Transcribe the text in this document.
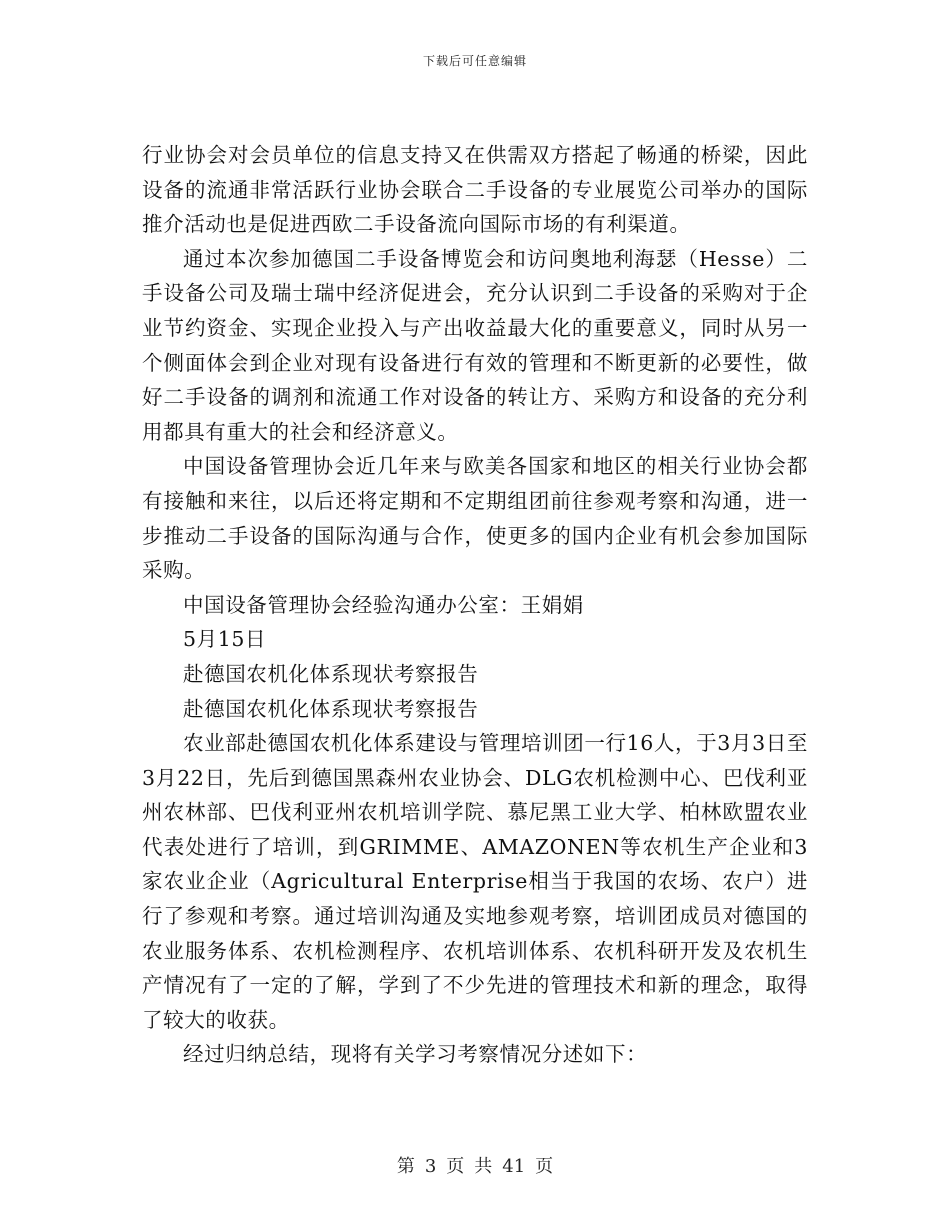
下载后可任意编辑

行业协会对会员单位的信息支持又在供需双方搭起了畅通的桥梁，因此设备的流通非常活跃行业协会联合二手设备的专业展览公司举办的国际推介活动也是促进西欧二手设备流向国际市场的有利渠道。

通过本次参加德国二手设备博览会和访问奥地利海瑟（Hesse）二手设备公司及瑞士瑞中经济促进会，充分认识到二手设备的采购对于企业节约资金、实现企业投入与产出收益最大化的重要意义，同时从另一个侧面体会到企业对现有设备进行有效的管理和不断更新的必要性，做好二手设备的调剂和流通工作对设备的转让方、采购方和设备的充分利用都具有重大的社会和经济意义。

中国设备管理协会近几年来与欧美各国家和地区的相关行业协会都有接触和来往，以后还将定期和不定期组团前往参观考察和沟通，进一步推动二手设备的国际沟通与合作，使更多的国内企业有机会参加国际采购。

中国设备管理协会经验沟通办公室：王娟娟

5月15日

赴德国农机化体系现状考察报告

赴德国农机化体系现状考察报告

农业部赴德国农机化体系建设与管理培训团一行16人，于3月3日至3月22日，先后到德国黑森州农业协会、DLG农机检测中心、巴伐利亚州农林部、巴伐利亚州农机培训学院、慕尼黑工业大学、柏林欧盟农业代表处进行了培训，到GRIMME、AMAZONEN等农机生产企业和3家农业企业（Agricultural Enterprise相当于我国的农场、农户）进行了参观和考察。通过培训沟通及实地参观考察，培训团成员对德国的农业服务体系、农机检测程序、农机培训体系、农机科研开发及农机生产情况有了一定的了解，学到了不少先进的管理技术和新的理念，取得了较大的收获。

经过归纳总结，现将有关学习考察情况分述如下：

第 3 页 共 41 页
